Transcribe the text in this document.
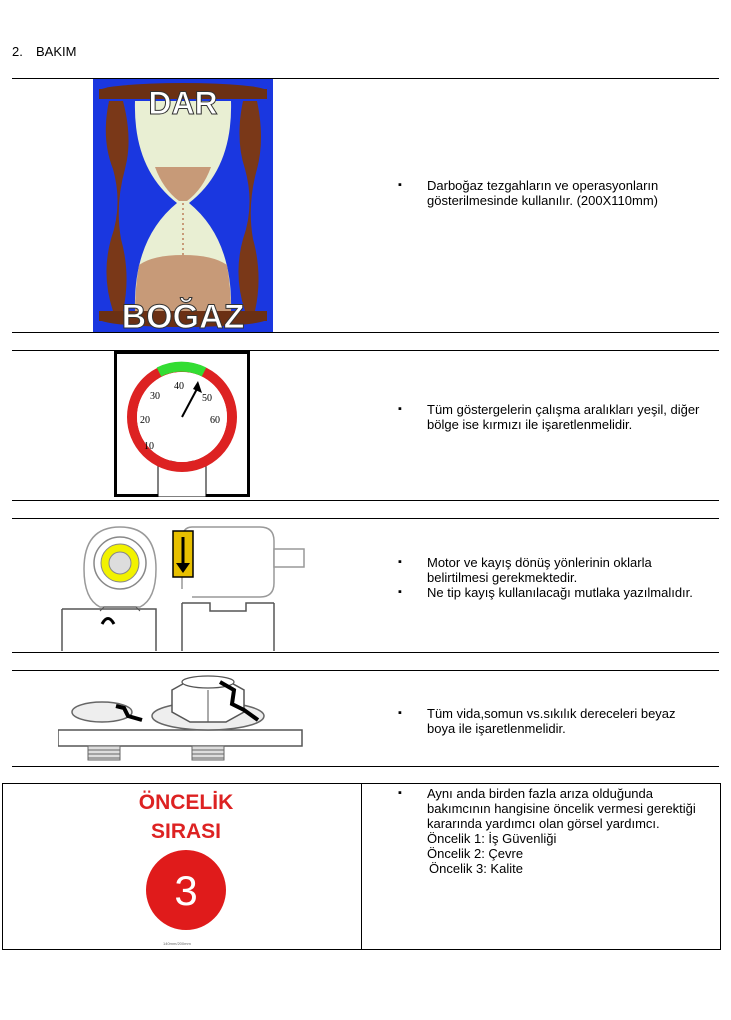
2. BAKIM
DAR
BOĞAZ
▪ Darboğaz tezgahların ve operasyonların gösterilmesinde kullanılır. (200X110mm)
10
20
30
40
50
60
▪ Tüm göstergelerin çalışma aralıkları yeşil, diğer bölge ise kırmızı ile işaretlenmelidir.
▪ Motor ve kayış dönüş yönlerinin oklarla belirtilmesi gerekmektedir.
▪ Ne tip kayış kullanılacağı mutlaka yazılmalıdır.
▪ Tüm vida,somun vs.sıkılık dereceleri beyaz boya ile işaretlenmelidir.
ÖNCELİK
SIRASI
3
140mm/200mm
▪ Aynı anda birden fazla arıza olduğunda bakımcının hangisine öncelik vermesi gerektiği kararında yardımcı olan görsel yardımcı.
Öncelik 1: İş Güvenliği
Öncelik 2: Çevre
Öncelik 3: Kalite
